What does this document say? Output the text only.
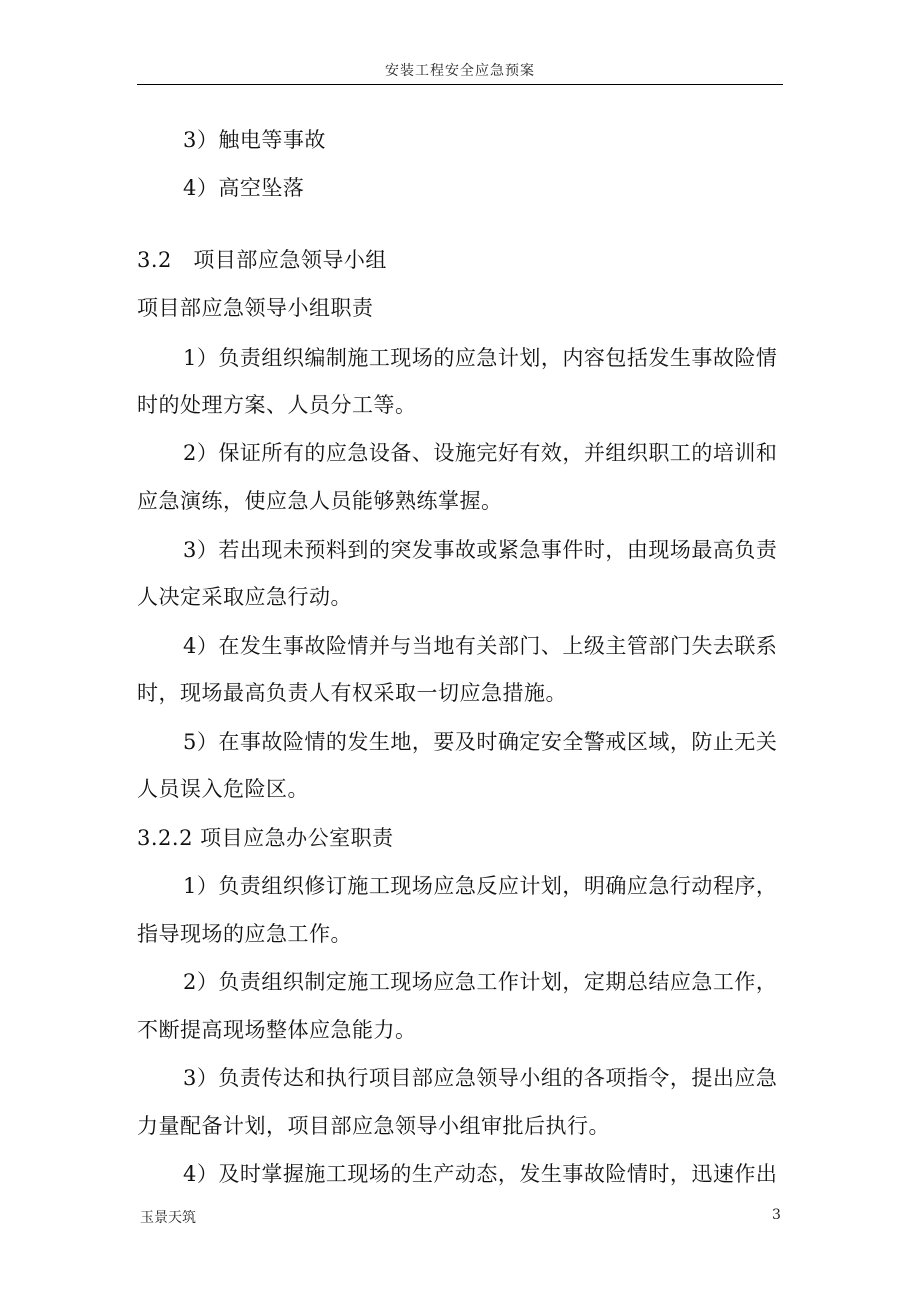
安装工程安全应急预案
3）触电等事故
4）高空坠落
3.2　项目部应急领导小组
项目部应急领导小组职责
1）负责组织编制施工现场的应急计划，内容包括发生事故险情
时的处理方案、人员分工等。
2）保证所有的应急设备、设施完好有效，并组织职工的培训和
应急演练，使应急人员能够熟练掌握。
3）若出现未预料到的突发事故或紧急事件时，由现场最高负责
人决定采取应急行动。
4）在发生事故险情并与当地有关部门、上级主管部门失去联系
时，现场最高负责人有权采取一切应急措施。
5）在事故险情的发生地，要及时确定安全警戒区域，防止无关
人员误入危险区。
3.2.2 项目应急办公室职责
1）负责组织修订施工现场应急反应计划，明确应急行动程序，
指导现场的应急工作。
2）负责组织制定施工现场应急工作计划，定期总结应急工作，
不断提高现场整体应急能力。
3）负责传达和执行项目部应急领导小组的各项指令，提出应急
力量配备计划，项目部应急领导小组审批后执行。
4）及时掌握施工现场的生产动态，发生事故险情时，迅速作出
玉景天筑	3
